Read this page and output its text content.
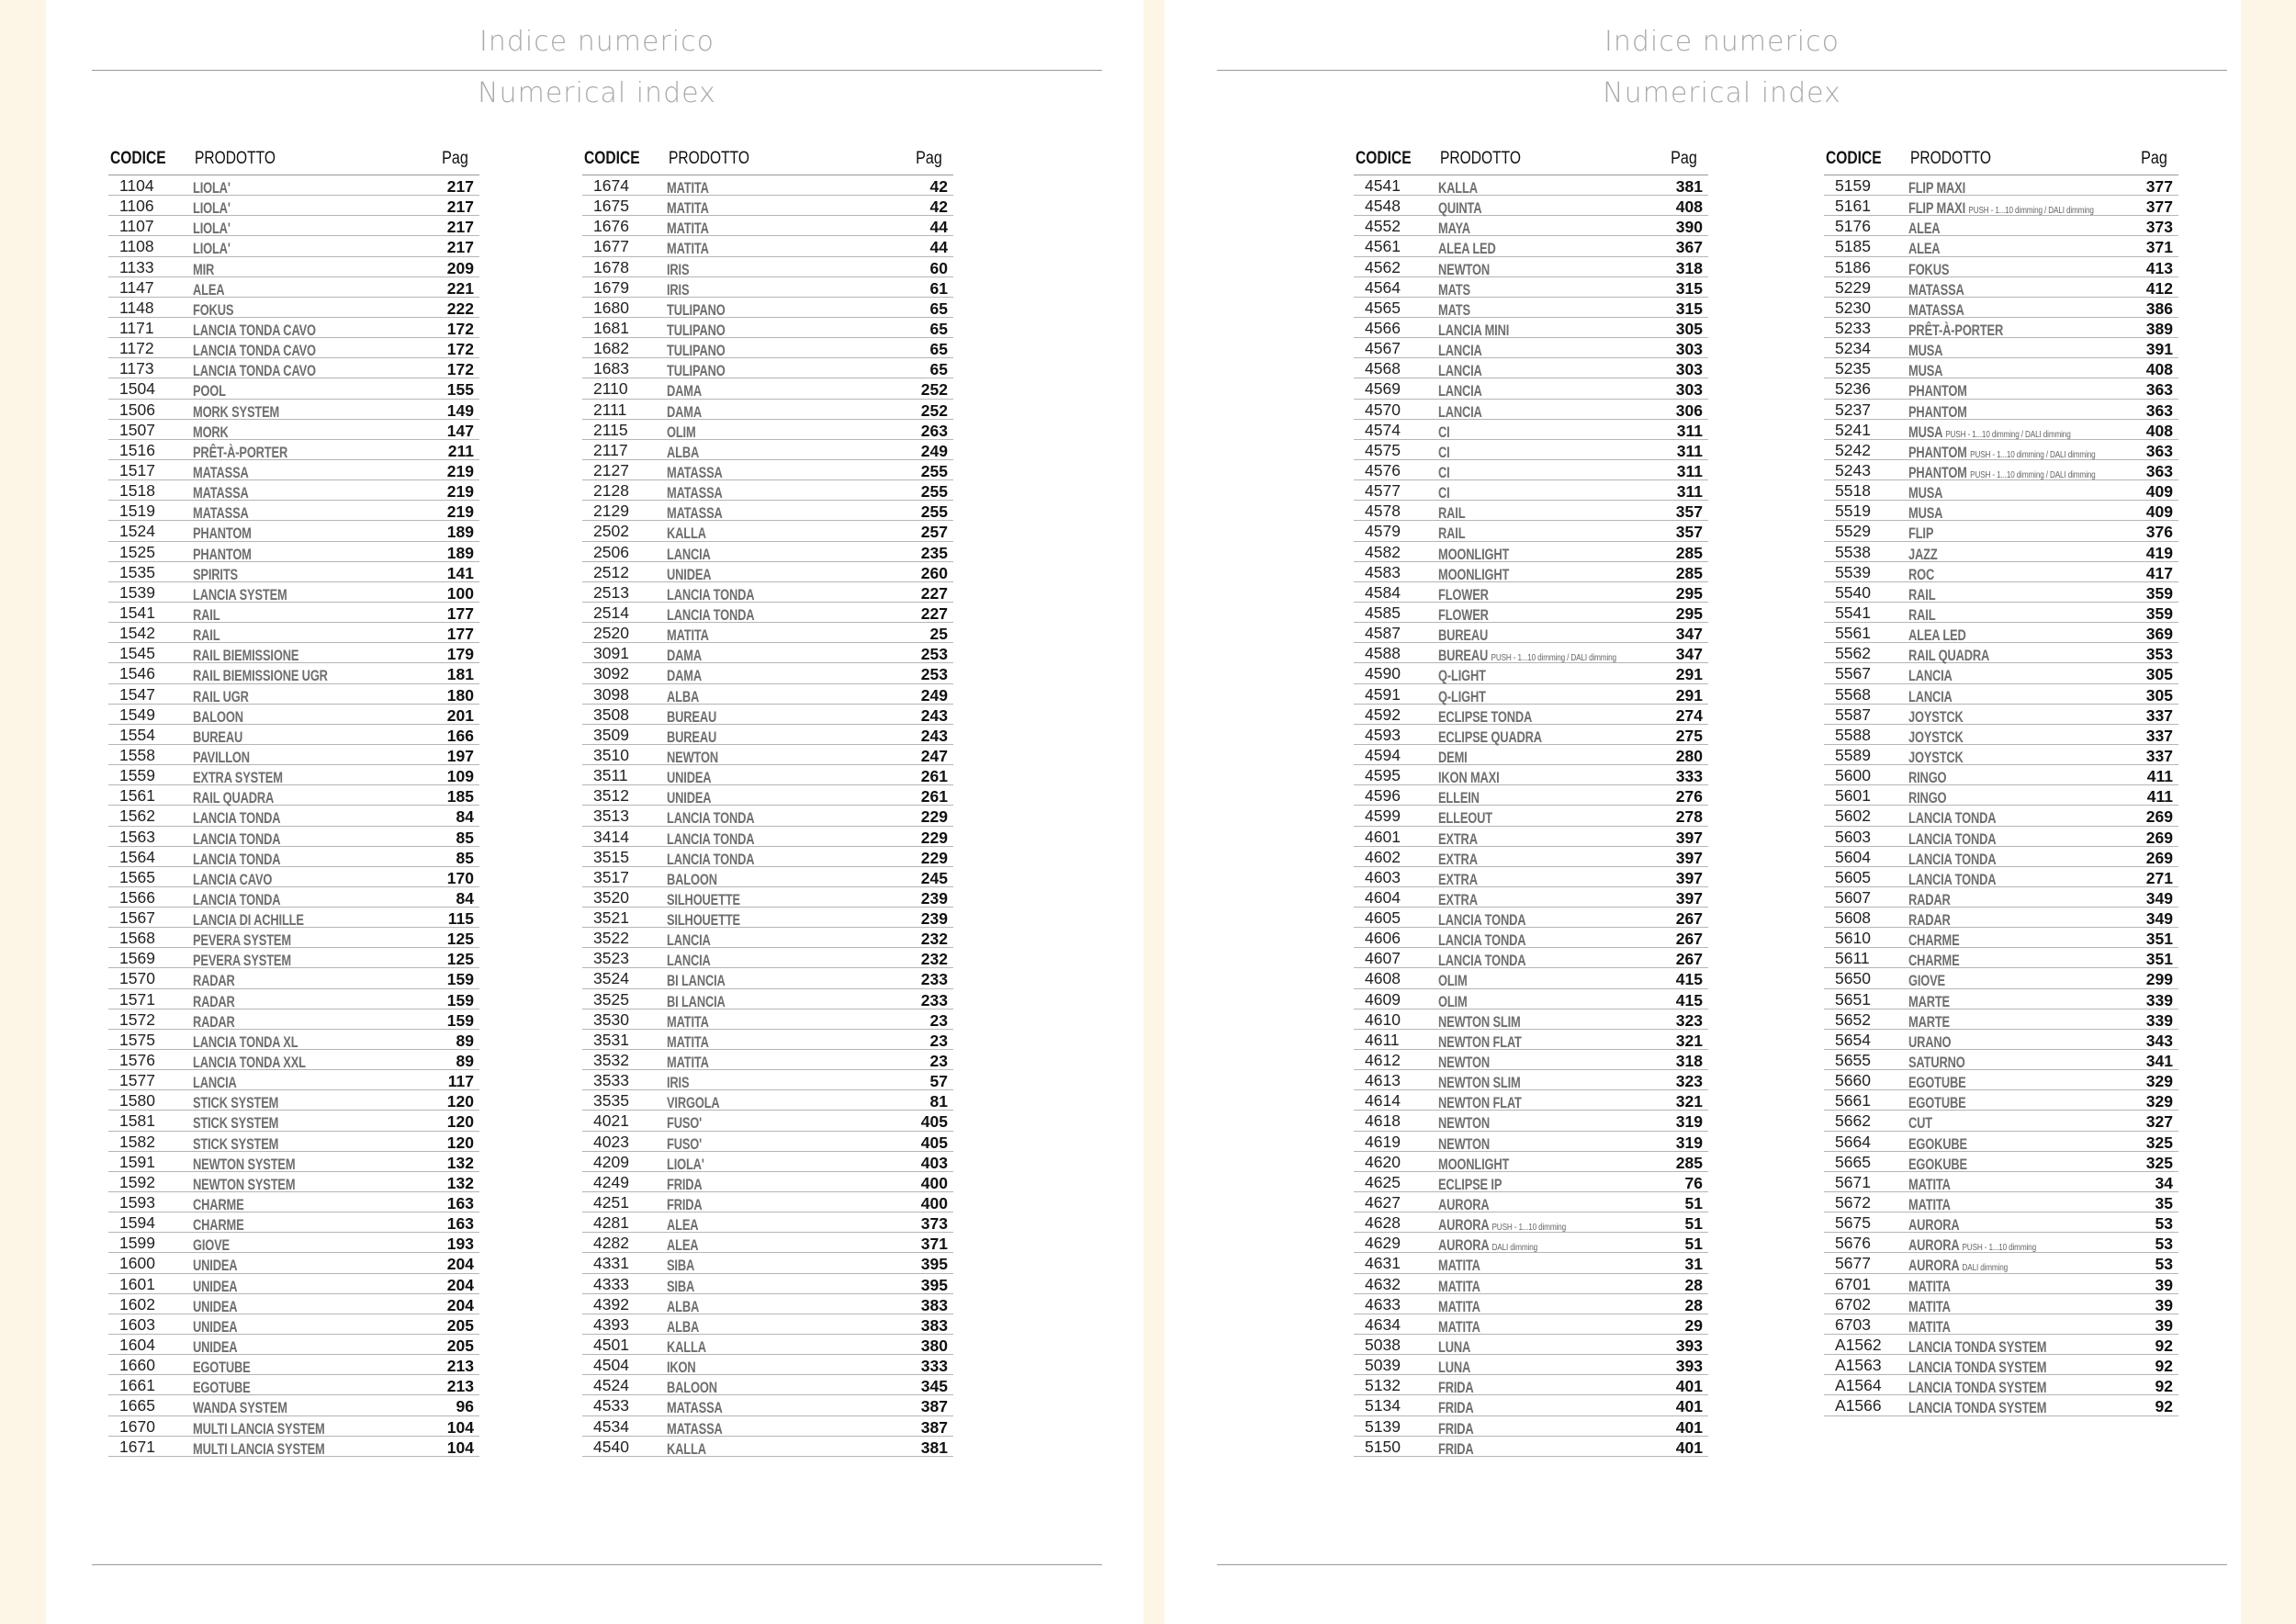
Indice numerico
Numerical index
Indice numerico
Numerical index
CODICE PRODOTTO	Pag
1104	LIOLA'	217
1106	LIOLA'	217
1107	LIOLA'	217
1108	LIOLA'	217
1133	MIR	209
1147	ALEA	221
1148	FOKUS	222
1171	LANCIA TONDA CAVO	172
1172	LANCIA TONDA CAVO	172
1173	LANCIA TONDA CAVO	172
1504 POOL	155
1506 MORK SYSTEM	149
1507 MORK	147
1516 PRÊT-À-PORTER	211
1517 MATASSA	219
1518 MATASSA	219
1519 MATASSA	219
1524 PHANTOM	189
1525 PHANTOM	189
1535 SPIRITS	141
1539 LANCIA SYSTEM	100
1541 RAIL	177
1542 RAIL	177
1545 RAIL BIEMISSIONE	179
1546 RAIL BIEMISSIONE UGR	181
1547 RAIL UGR	180
1549 BALOON	201
1554 BUREAU	166
1558 PAVILLON	197
1559 EXTRA SYSTEM	109
1561 RAIL QUADRA	185
1562 LANCIA TONDA	84
1563 LANCIA TONDA	85
1564 LANCIA TONDA	85
1565 LANCIA CAVO	170
1566 LANCIA TONDA	84
1567 LANCIA DI ACHILLE	115
1568 PEVERA SYSTEM	125
1569 PEVERA SYSTEM	125
1570 RADAR	159
1571 RADAR	159
1572 RADAR	159
1575 LANCIA TONDA XL	89
1576 LANCIA TONDA XXL	89
1577 LANCIA	117
1580 STICK SYSTEM	120
1581 STICK SYSTEM	120
1582 STICK SYSTEM	120
1591 NEWTON SYSTEM	132
1592 NEWTON SYSTEM	132
1593 CHARME	163
1594 CHARME	163
1599 GIOVE	193
1600 UNIDEA	204
1601 UNIDEA	204
1602 UNIDEA	204
1603 UNIDEA	205
1604 UNIDEA	205
1660 EGOTUBE	213
1661 EGOTUBE	213
1665 WANDA SYSTEM	96
1670 MULTI LANCIA SYSTEM	104
1671 MULTI LANCIA SYSTEM	104
CODICE PRODOTTO	Pag
1674 MATITA	42
1675 MATITA	42
1676 MATITA	44
1677 MATITA	44
1678 IRIS	60
1679 IRIS	61
1680 TULIPANO	65
1681 TULIPANO	65
1682 TULIPANO	65
1683 TULIPANO	65
2110	DAMA	252
2111	DAMA	252
2115	OLIM	263
2117	ALBA	249
2127 MATASSA	255
2128 MATASSA	255
2129 MATASSA	255
2502 KALLA	257
2506 LANCIA	235
2512 UNIDEA	260
2513 LANCIA TONDA	227
2514 LANCIA TONDA	227
2520 MATITA	25
3091 DAMA	253
3092 DAMA	253
3098 ALBA	249
3508 BUREAU	243
3509 BUREAU	243
3510 NEWTON	247
3511	UNIDEA	261
3512 UNIDEA	261
3513 LANCIA TONDA	229
3414 LANCIA TONDA	229
3515 LANCIA TONDA	229
3517 BALOON	245
3520 SILHOUETTE	239
3521 SILHOUETTE	239
3522 LANCIA	232
3523 LANCIA	232
3524 BI LANCIA	233
3525 BI LANCIA	233
3530 MATITA	23
3531 MATITA	23
3532 MATITA	23
3533 IRIS	57
3535 VIRGOLA	81
4021 FUSO'	405
4023 FUSO'	405
4209 LIOLA'	403
4249 FRIDA	400
4251 FRIDA	400
4281 ALEA	373
4282 ALEA	371
4331 SIBA	395
4333 SIBA	395
4392 ALBA	383
4393 ALBA	383
4501 KALLA	380
4504 IKON	333
4524 BALOON	345
4533 MATASSA	387
4534 MATASSA	387
4540 KALLA	381
CODICE PRODOTTO	Pag
4541 KALLA	381
4548 QUINTA	408
4552 MAYA	390
4561 ALEA LED	367
4562 NEWTON	318
4564 MATS	315
4565 MATS	315
4566 LANCIA MINI	305
4567 LANCIA	303
4568 LANCIA	303
4569 LANCIA	303
4570 LANCIA	306
4574 CI	311
4575 CI	311
4576 CI	311
4577 CI	311
4578 RAIL	357
4579 RAIL	357
4582 MOONLIGHT	285
4583 MOONLIGHT	285
4584 FLOWER	295
4585 FLOWER	295
4587 BUREAU	347
4588 BUREAU PUSH - 1...10 dimming / DALI dimming	347
4590 Q-LIGHT	291
4591 Q-LIGHT	291
4592 ECLIPSE TONDA	274
4593 ECLIPSE QUADRA	275
4594 DEMI	280
4595 IKON MAXI	333
4596 ELLEIN	276
4599 ELLEOUT	278
4601 EXTRA	397
4602 EXTRA	397
4603 EXTRA	397
4604 EXTRA	397
4605 LANCIA TONDA	267
4606 LANCIA TONDA	267
4607 LANCIA TONDA	267
4608 OLIM	415
4609 OLIM	415
4610 NEWTON SLIM	323
4611	NEWTON FLAT	321
4612 NEWTON	318
4613 NEWTON SLIM	323
4614 NEWTON FLAT	321
4618 NEWTON	319
4619 NEWTON	319
4620 MOONLIGHT	285
4625 ECLIPSE IP	76
4627 AURORA	51
4628 AURORA PUSH - 1...10 dimming	51
4629 AURORA DALI dimming	51
4631 MATITA	31
4632 MATITA	28
4633 MATITA	28
4634 MATITA	29
5038 LUNA	393
5039 LUNA	393
5132 FRIDA	401
5134 FRIDA	401
5139 FRIDA	401
5150 FRIDA	401
CODICE PRODOTTO	Pag
5159 FLIP MAXI	377
5161 FLIP MAXI PUSH - 1...10 dimming / DALI dimming	377
5176 ALEA	373
5185 ALEA	371
5186 FOKUS	413
5229 MATASSA	412
5230 MATASSA	386
5233 PRÊT-À-PORTER	389
5234 MUSA	391
5235 MUSA	408
5236 PHANTOM	363
5237 PHANTOM	363
5241 MUSA PUSH - 1...10 dimming / DALI dimming	408
5242 PHANTOM PUSH - 1...10 dimming / DALI dimming	363
5243 PHANTOM PUSH - 1...10 dimming / DALI dimming	363
5518 MUSA	409
5519 MUSA	409
5529 FLIP	376
5538 JAZZ	419
5539 ROC	417
5540 RAIL	359
5541 RAIL	359
5561 ALEA LED	369
5562 RAIL QUADRA	353
5567 LANCIA	305
5568 LANCIA	305
5587 JOYSTCK	337
5588 JOYSTCK	337
5589 JOYSTCK	337
5600 RINGO	411
5601 RINGO	411
5602 LANCIA TONDA	269
5603 LANCIA TONDA	269
5604 LANCIA TONDA	269
5605 LANCIA TONDA	271
5607 RADAR	349
5608 RADAR	349
5610 CHARME	351
5611	CHARME	351
5650 GIOVE	299
5651 MARTE	339
5652 MARTE	339
5654 URANO	343
5655 SATURNO	341
5660 EGOTUBE	329
5661 EGOTUBE	329
5662 CUT	327
5664 EGOKUBE	325
5665 EGOKUBE	325
5671 MATITA	34
5672 MATITA	35
5675 AURORA	53
5676 AURORA PUSH - 1...10 dimming	53
5677 AURORA DALI dimming	53
6701 MATITA	39
6702 MATITA	39
6703 MATITA	39
A1562 LANCIA TONDA SYSTEM	92
A1563 LANCIA TONDA SYSTEM	92
A1564 LANCIA TONDA SYSTEM	92
A1566 LANCIA TONDA SYSTEM	92
